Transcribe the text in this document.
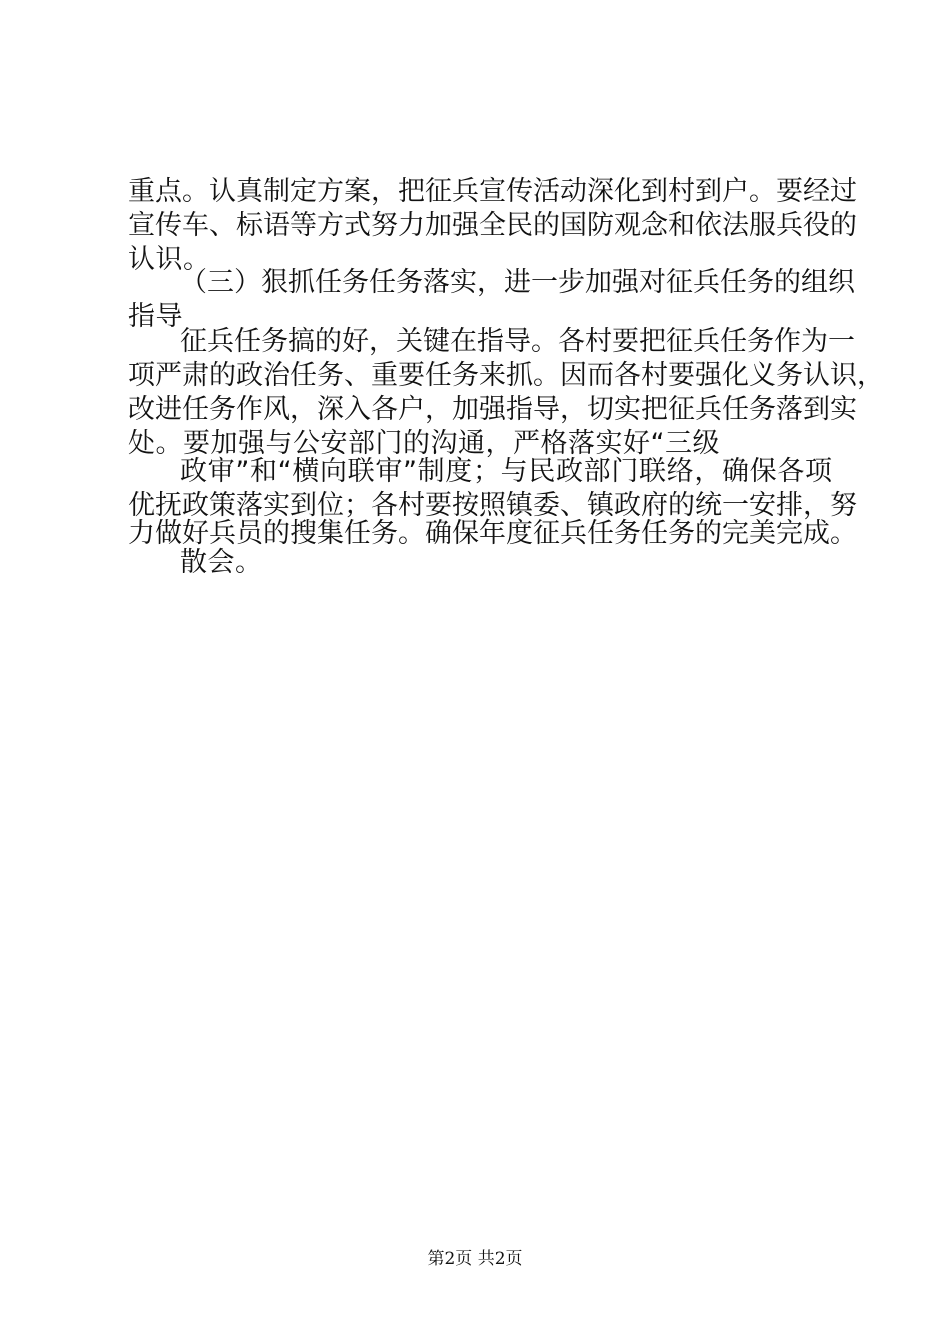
重点。认真制定方案，把征兵宣传活动深化到村到户。要经过
宣传车、标语等方式努力加强全民的国防观念和依法服兵役的
认识。
（三）狠抓任务任务落实，进一步加强对征兵任务的组织
指导
征兵任务搞的好，关键在指导。各村要把征兵任务作为一
项严肃的政治任务、重要任务来抓。因而各村要强化义务认识，
改进任务作风，深入各户，加强指导，切实把征兵任务落到实
处。要加强与公安部门的沟通，严格落实好“三级
政审”和“横向联审”制度；与民政部门联络，确保各项
优抚政策落实到位；各村要按照镇委、镇政府的统一安排，努
力做好兵员的搜集任务。确保年度征兵任务任务的完美完成。
散会。
第2页 共2页
